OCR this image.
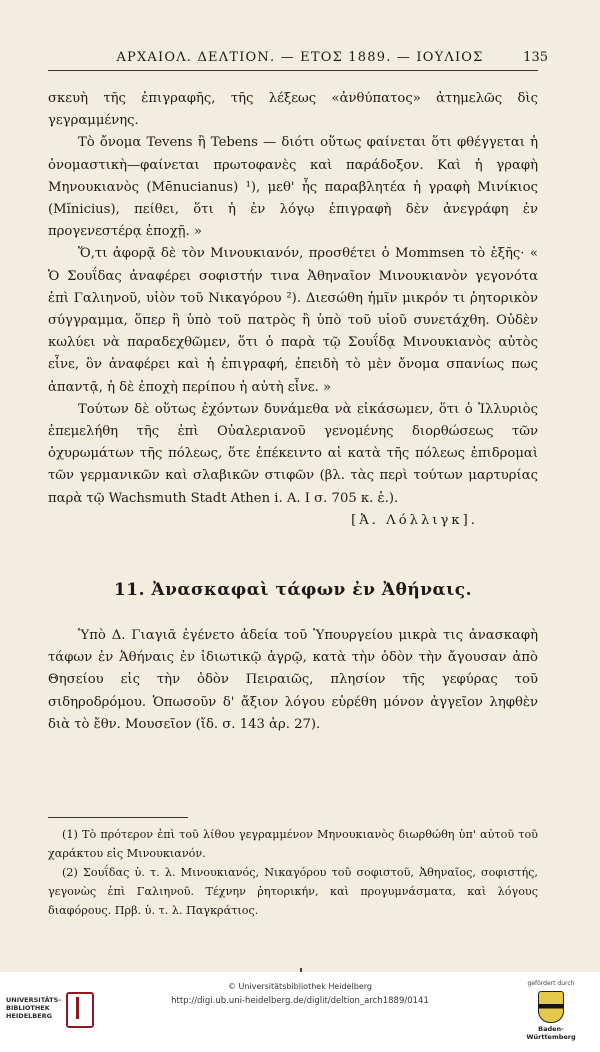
ΑΡΧΑΙΟΛ. ΔΕΛΤΙΟΝ. — ΕΤΟΣ 1889. — ΙΟΥΛΙΟΣ	135

σκευὴ τῆς ἐπιγραφῆς, τῆς λέξεως «ἀνθύπατος» ἀτημελῶς δὶς γεγραμμένης.

Τὸ ὄνομα Tevens ἢ Tebens — διότι οὕτως φαίνεται ὅτι φθέγγεται ἡ ὀνομαστικὴ—φαίνεται πρωτοφανὲς καὶ παράδοξον. Καὶ ἡ γραφὴ Μηνουκιανὸς (Mēnucianus) ¹), μεθ' ἧς παραβλητέα ἡ γραφὴ Μινίκιος (Mĭnicius), πείθει, ὅτι ἡ ἐν λόγῳ ἐπιγραφὴ δὲν ἀνεγράφη ἐν προγενεστέρᾳ ἐποχῇ. »

Ὅ,τι ἀφορᾷ δὲ τὸν Μινουκιανόν, προσθέτει ὁ Mommsen τὸ ἑξῆς· « Ὁ Σουΐδας ἀναφέρει σοφιστήν τινα Ἀθηναῖον Μινουκιανὸν γεγονότα ἐπὶ Γαλιηνοῦ, υἱὸν τοῦ Νικαγόρου ²). Διεσώθη ἡμῖν μικρόν τι ῥητορικὸν σύγγραμμα, ὅπερ ἢ ὑπὸ τοῦ πατρὸς ἢ ὑπὸ τοῦ υἱοῦ συνετάχθη. Οὐδὲν κωλύει νὰ παραδεχθῶμεν, ὅτι ὁ παρὰ τῷ Σουΐδᾳ Μινουκιανὸς αὐτὸς εἶνε, ὃν ἀναφέρει καὶ ἡ ἐπιγραφή, ἐπειδὴ τὸ μὲν ὄνομα σπανίως πως ἀπαντᾷ, ἡ δὲ ἐποχὴ περίπου ἡ αὐτὴ εἶνε. »

Τούτων δὲ οὕτως ἐχόντων δυνάμεθα νὰ εἰκάσωμεν, ὅτι ὁ Ἰλλυριὸς ἐπεμελήθη τῆς ἐπὶ Οὐαλεριανοῦ γενομένης διορθώσεως τῶν ὀχυρωμάτων τῆς πόλεως, ὅτε ἐπέκειντο αἱ κατὰ τῆς πόλεως ἐπιδρομαὶ τῶν γερμανικῶν καὶ σλαβικῶν στιφῶν (βλ. τὰς περὶ τούτων μαρτυρίας παρὰ τῷ Wachsmuth Stadt Athen i. A. I σ. 705 κ. ἑ.).

[Ἀ. Λόλλιγκ].

11. Ἀνασκαφαὶ τάφων ἐν Ἀθήναις.

Ὑπὸ Δ. Γιαγιᾶ ἐγένετο ἀδεία τοῦ Ὑπουργείου μικρὰ τις ἀνασκαφὴ τάφων ἐν Ἀθήναις ἐν ἰδιωτικῷ ἀγρῷ, κατὰ τὴν ὁδὸν τὴν ἄγουσαν ἀπὸ Θησείου εἰς τὴν ὁδὸν Πειραιῶς, πλησίον τῆς γεφύρας τοῦ σιδηροδρόμου. Ὁπωσοῦν δ' ἄξιον λόγου εὑρέθη μόνον ἀγγεῖον ληφθὲν διὰ τὸ ἔθν. Μουσεῖον (ἴδ. σ. 143 ἀρ. 27).

(1) Τὸ πρότερον ἐπὶ τοῦ λίθου γεγραμμένον Μηνουκιανὸς διωρθώθη ὑπ' αὐτοῦ τοῦ χαράκτου εἰς Μινουκιανόν.

(2) Σουΐδας ὑ. τ. λ. Μινουκιανός, Νικαγόρου τοῦ σοφιστοῦ, Ἀθηναῖος, σοφιστής, γεγονὼς ἐπὶ Γαλιηνοῦ. Τέχνην ῥητορικήν, καὶ προγυμνάσματα, καὶ λόγους διαφόρους. Πρβ. ὑ. τ. λ. Παγκράτιος.

UNIVERSITÄTS-
BIBLIOTHEK
HEIDELBERG
© Universitätsbibliothek Heidelberg
http://digi.ub.uni-heidelberg.de/diglit/deltion_arch1889/0141
gefördert durch
Baden-Württemberg
